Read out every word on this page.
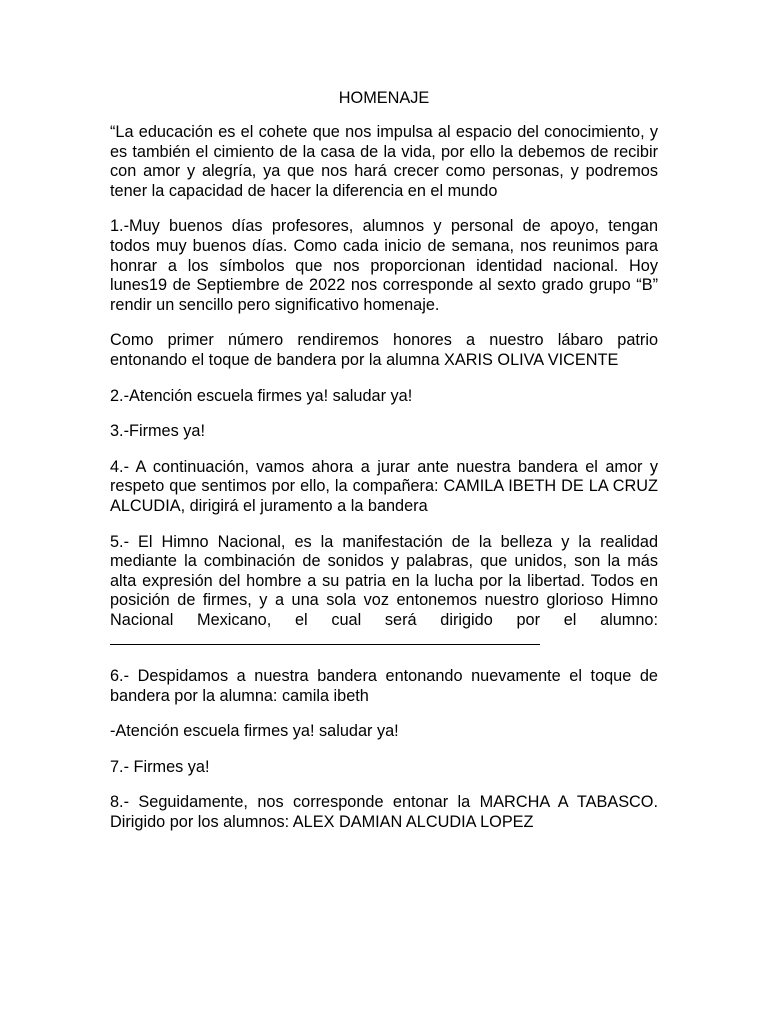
HOMENAJE

“La educación es el cohete que nos impulsa al espacio del conocimiento, y es también el cimiento de la casa de la vida, por ello la debemos de recibir con amor y alegría, ya que nos hará crecer como personas, y podremos tener la capacidad de hacer la diferencia en el mundo

1.-Muy buenos días profesores, alumnos y personal de apoyo, tengan todos muy buenos días. Como cada inicio de semana, nos reunimos para honrar a los símbolos que nos proporcionan identidad nacional. Hoy lunes19 de Septiembre de 2022 nos corresponde al sexto grado grupo “B” rendir un sencillo pero significativo homenaje.

Como primer número rendiremos honores a nuestro lábaro patrio entonando el toque de bandera por la alumna XARIS OLIVA VICENTE

2.-Atención escuela firmes ya! saludar ya!

3.-Firmes ya!

4.- A continuación, vamos ahora a jurar ante nuestra bandera el amor y respeto que sentimos por ello, la compañera: CAMILA IBETH DE LA CRUZ ALCUDIA, dirigirá el juramento a la bandera

5.- El Himno Nacional, es la manifestación de la belleza y la realidad mediante la combinación de sonidos y palabras, que unidos, son la más alta expresión del hombre a su patria en la lucha por la libertad. Todos en posición de firmes, y a una sola voz entonemos nuestro glorioso Himno Nacional Mexicano, el cual será dirigido por el alumno:

6.- Despidamos a nuestra bandera entonando nuevamente el toque de bandera por la alumna: camila ibeth

-Atención escuela firmes ya! saludar ya!

7.- Firmes ya!

8.- Seguidamente, nos corresponde entonar la MARCHA A TABASCO. Dirigido por los alumnos: ALEX DAMIAN ALCUDIA LOPEZ
